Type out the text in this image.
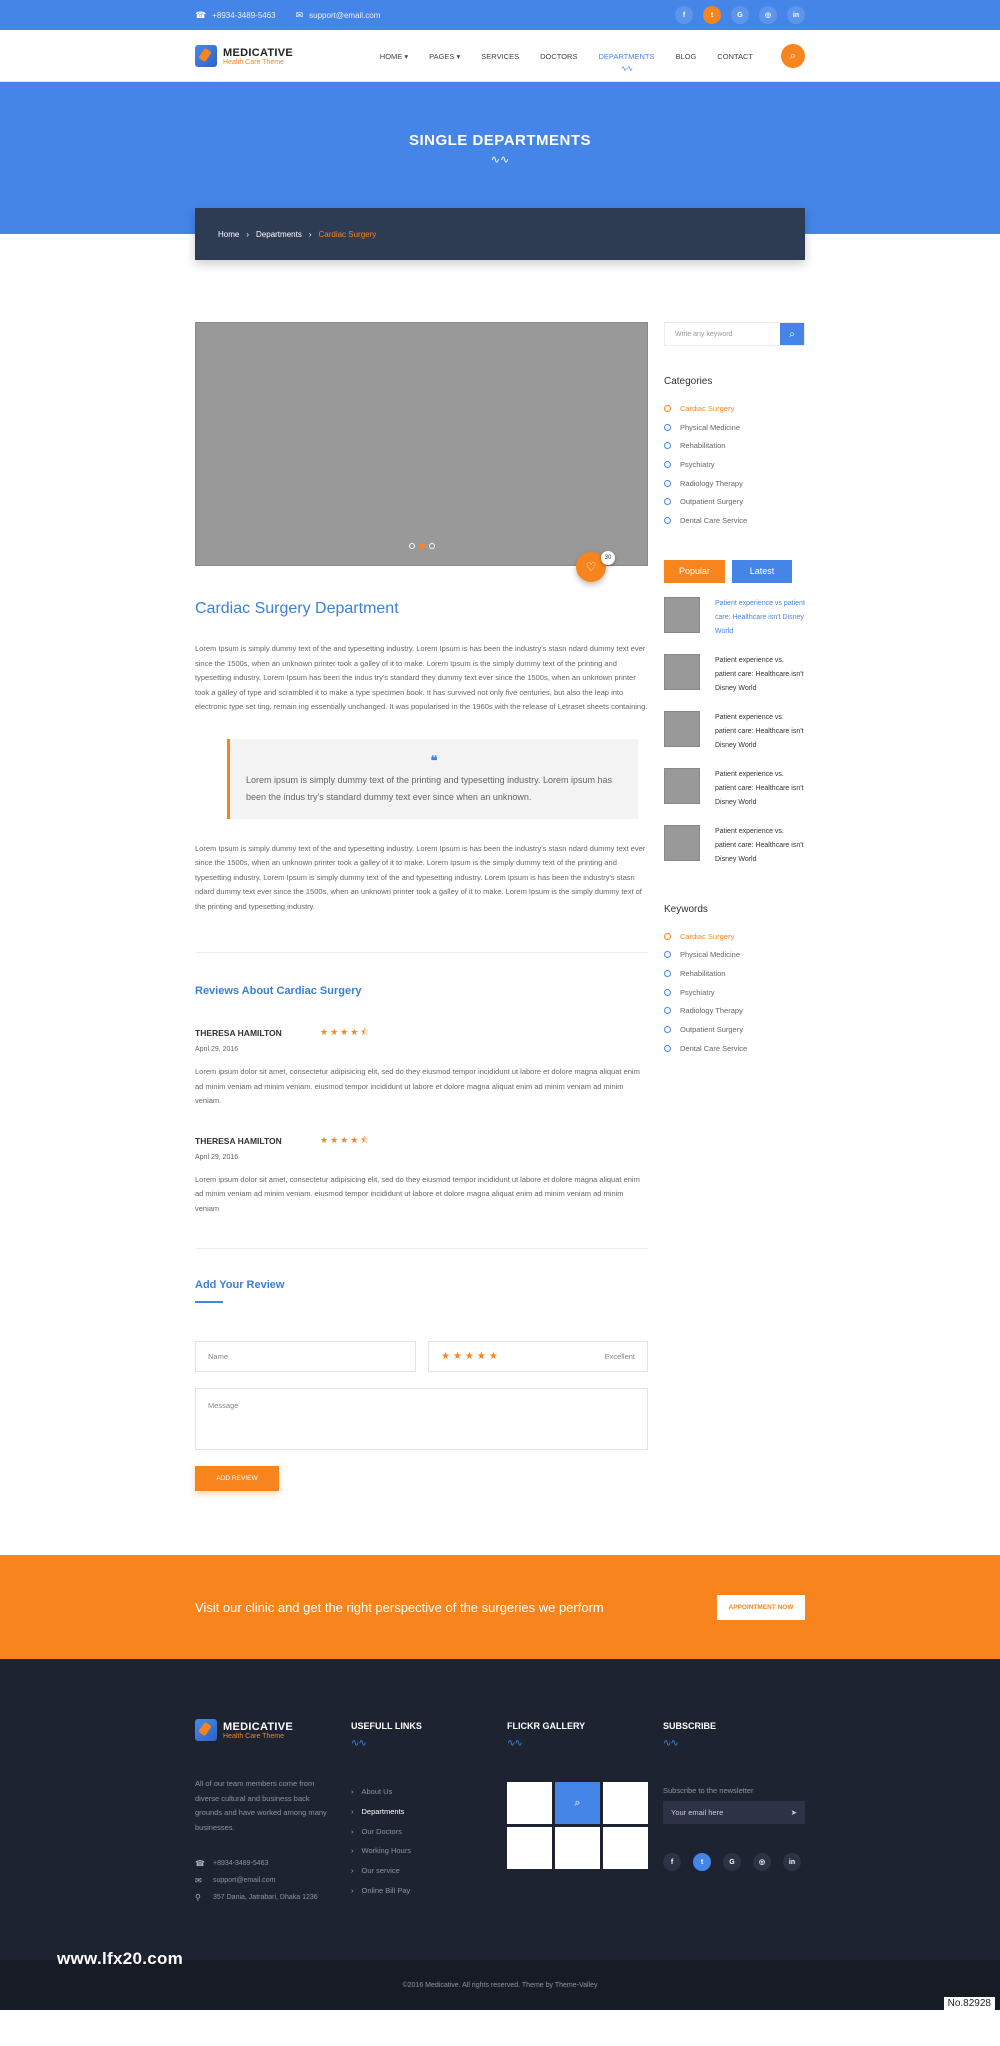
☎ +8934-3489-5463 ✉ support@email.com	f	t	G	◎	in
MEDICATIVE
Health Care Theme
HOME ▾	PAGES ▾	SERVICES	DOCTORS	DEPARTMENTS ∿∿	BLOG	CONTACT	⌕
SINGLE DEPARTMENTS
∿∿
Home › Departments › Cardiac Surgery
♡
30
Cardiac Surgery Department

Lorem Ipsum is simply dummy text of the and typesetting industry. Lorem Ipsum is has been the industry's stasn ndard dummy text ever since the 1500s, when an unknown printer took a galley of it to make. Lorem Ipsum is the simply dummy text of the printing and typesetting industry. Lorem Ipsum has been the indus try's standard they dummy text ever since the 1500s, when an unknown printer took a galley of type and scrambled it to make a type specimen book. It has survived not only five centuries, but also the leap into electronic type set ting, remain ing essentially unchanged. It was popularised in the 1960s with the release of Letraset sheets containing.

❝

Lorem ipsum is simply dummy text of the printing and typesetting industry. Lorem ipsum has been the indus try's standard dummy text ever since when an unknown.

Lorem Ipsum is simply dummy text of the and typesetting industry. Lorem Ipsum is has been the industry's stasn ndard dummy text ever since the 1500s, when an unknown printer took a galley of it to make. Lorem Ipsum is the simply dummy text of the printing and typesetting industry. Lorem Ipsum is simply dummy text of the and typesetting industry. Lorem Ipsum is has been the industry's stasn ndard dummy text ever since the 1500s, when an unknown printer took a galley of it to make. Lorem Ipsum is the simply dummy text of the printing and typesetting industry.

Reviews About Cardiac Surgery
THERESA HAMILTON	★★★★⯪
April 29, 2016

Lorem ipsum dolor sit amet, consectetur adipisicing elit, sed do they eiusmod tempor incididunt ut labore et dolore magna aliquat enim ad minim veniam ad minim veniam. eiusmod tempor incididunt ut labore et dolore magna aliquat enim ad minim veniam ad minim veniam.

THERESA HAMILTON	★★★★⯪
April 29, 2016

Lorem ipsum dolor sit amet, consectetur adipisicing elit, sed do they eiusmod tempor incididunt ut labore et dolore magna aliquat enim ad minim veniam ad minim veniam. eiusmod tempor incididunt ut labore et dolore magna aliquat enim ad minim veniam ad minim veniam

Add Your Review
Name	★★★★★	Excellent
Message
ADD REVIEW
Write any keyword	⌕
Categories
Cardiac Surgery
Physical Medicine
Rehabilitation
Psychiatry
Radiology Therapy
Outpatient Surgery
Dental Care Service
Popular	Latest
Patient experience vs patient care: Healthcare isn't Disney World
Patient experience vs. patient care: Healthcare isn't Disney World
Patient experience vs. patient care: Healthcare isn't Disney World
Patient experience vs. patient care: Healthcare isn't Disney World
Patient experience vs. patient care: Healthcare isn't Disney World
Keywords
Cardiac Surgery
Physical Medicine
Rehabilitation
Psychiatry
Radiology Therapy
Outpatient Surgery
Dental Care Service
Visit our clinic and get the right perspective of the surgeries we perform	APPOINTMENT NOW
MEDICATIVE
Health Care Theme

All of our team members come from diverse cultural and business back grounds and have worked among many businesses.

☎	+8934-3489-5463
✉	support@email.com
⚲	357 Dania, Jatrabari, Dhaka 1236
USEFULL LINKS
∿∿
› About Us
› Departments
› Our Doctors
› Working Hours
› Our service
› Online Bill Pay
FLICKR GALLERY
∿∿
⌕
SUBSCRIBE
∿∿
Subscribe to the newsletter
Your email here	➤
f	t	G	◎	in
www.lfx20.com
©2016 Medicative. All rights reserved. Theme by Theme-Valley
No.82928
